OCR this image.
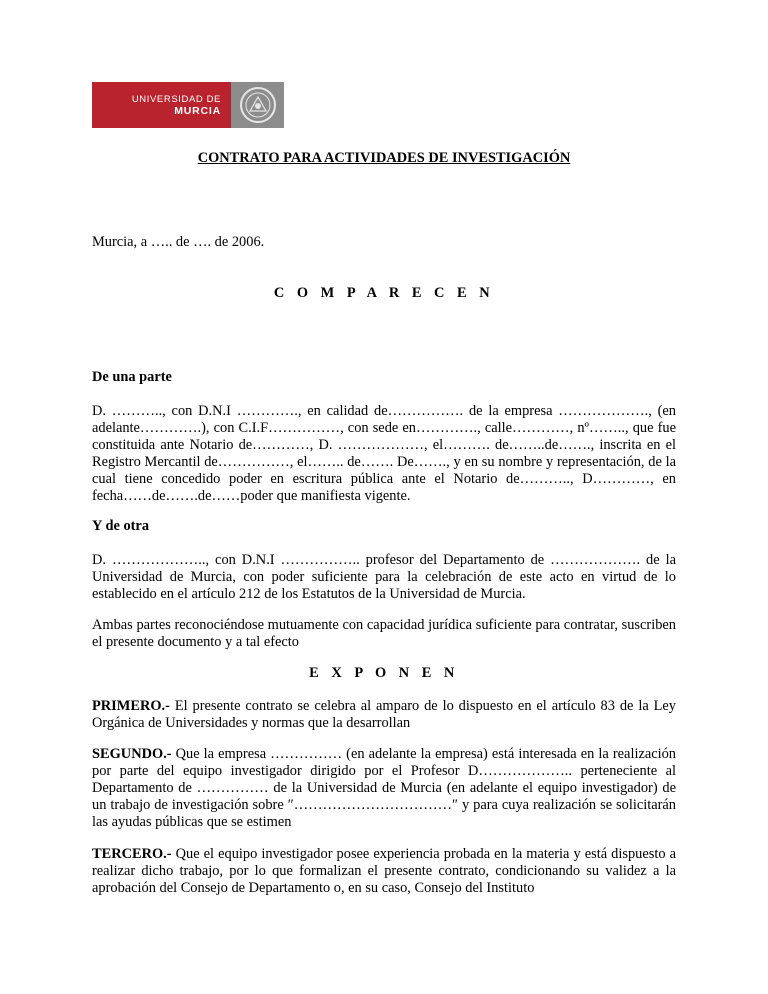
UNIVERSIDAD DE
MURCIA
CONTRATO PARA ACTIVIDADES DE INVESTIGACIÓN
Murcia, a ….. de …. de 2006.
C O M P A R E C E N
De una parte

D. ……….., con D.N.I …………., en calidad de……………. de la empresa ………………., (en adelante………….), con C.I.F……………, con sede en…………., calle…………, nº…….., que fue constituida ante Notario de…………, D. ………………, el………. de……..de……., inscrita en el Registro Mercantil de……………, el…….. de……. De……., y en su nombre y representación, de la cual tiene concedido poder en escritura pública ante el Notario de……….., D…………, en fecha……de…….de……poder que manifiesta vigente.

Y de otra

D. ……………….., con D.N.I …………….. profesor del Departamento de ………………. de la Universidad de Murcia, con poder suficiente para la celebración de este acto en virtud de lo establecido en el artículo 212 de los Estatutos de la Universidad de Murcia.

Ambas partes reconociéndose mutuamente con capacidad jurídica suficiente para contratar, suscriben el presente documento y a tal efecto

E X P O N E N

PRIMERO.- El presente contrato se celebra al amparo de lo dispuesto en el artículo 83 de la Ley Orgánica de Universidades y normas que la desarrollan

SEGUNDO.- Que la empresa …………… (en adelante la empresa) está interesada en la realización por parte del equipo investigador dirigido por el Profesor D……………….. perteneciente al Departamento de …………… de la Universidad de Murcia (en adelante el equipo investigador) de un trabajo de investigación sobre ″……………………………″ y para cuya realización se solicitarán las ayudas públicas que se estimen

TERCERO.- Que el equipo investigador posee experiencia probada en la materia y está dispuesto a realizar dicho trabajo, por lo que formalizan el presente contrato, condicionando su validez a la aprobación del Consejo de Departamento o, en su caso, Consejo del Instituto
